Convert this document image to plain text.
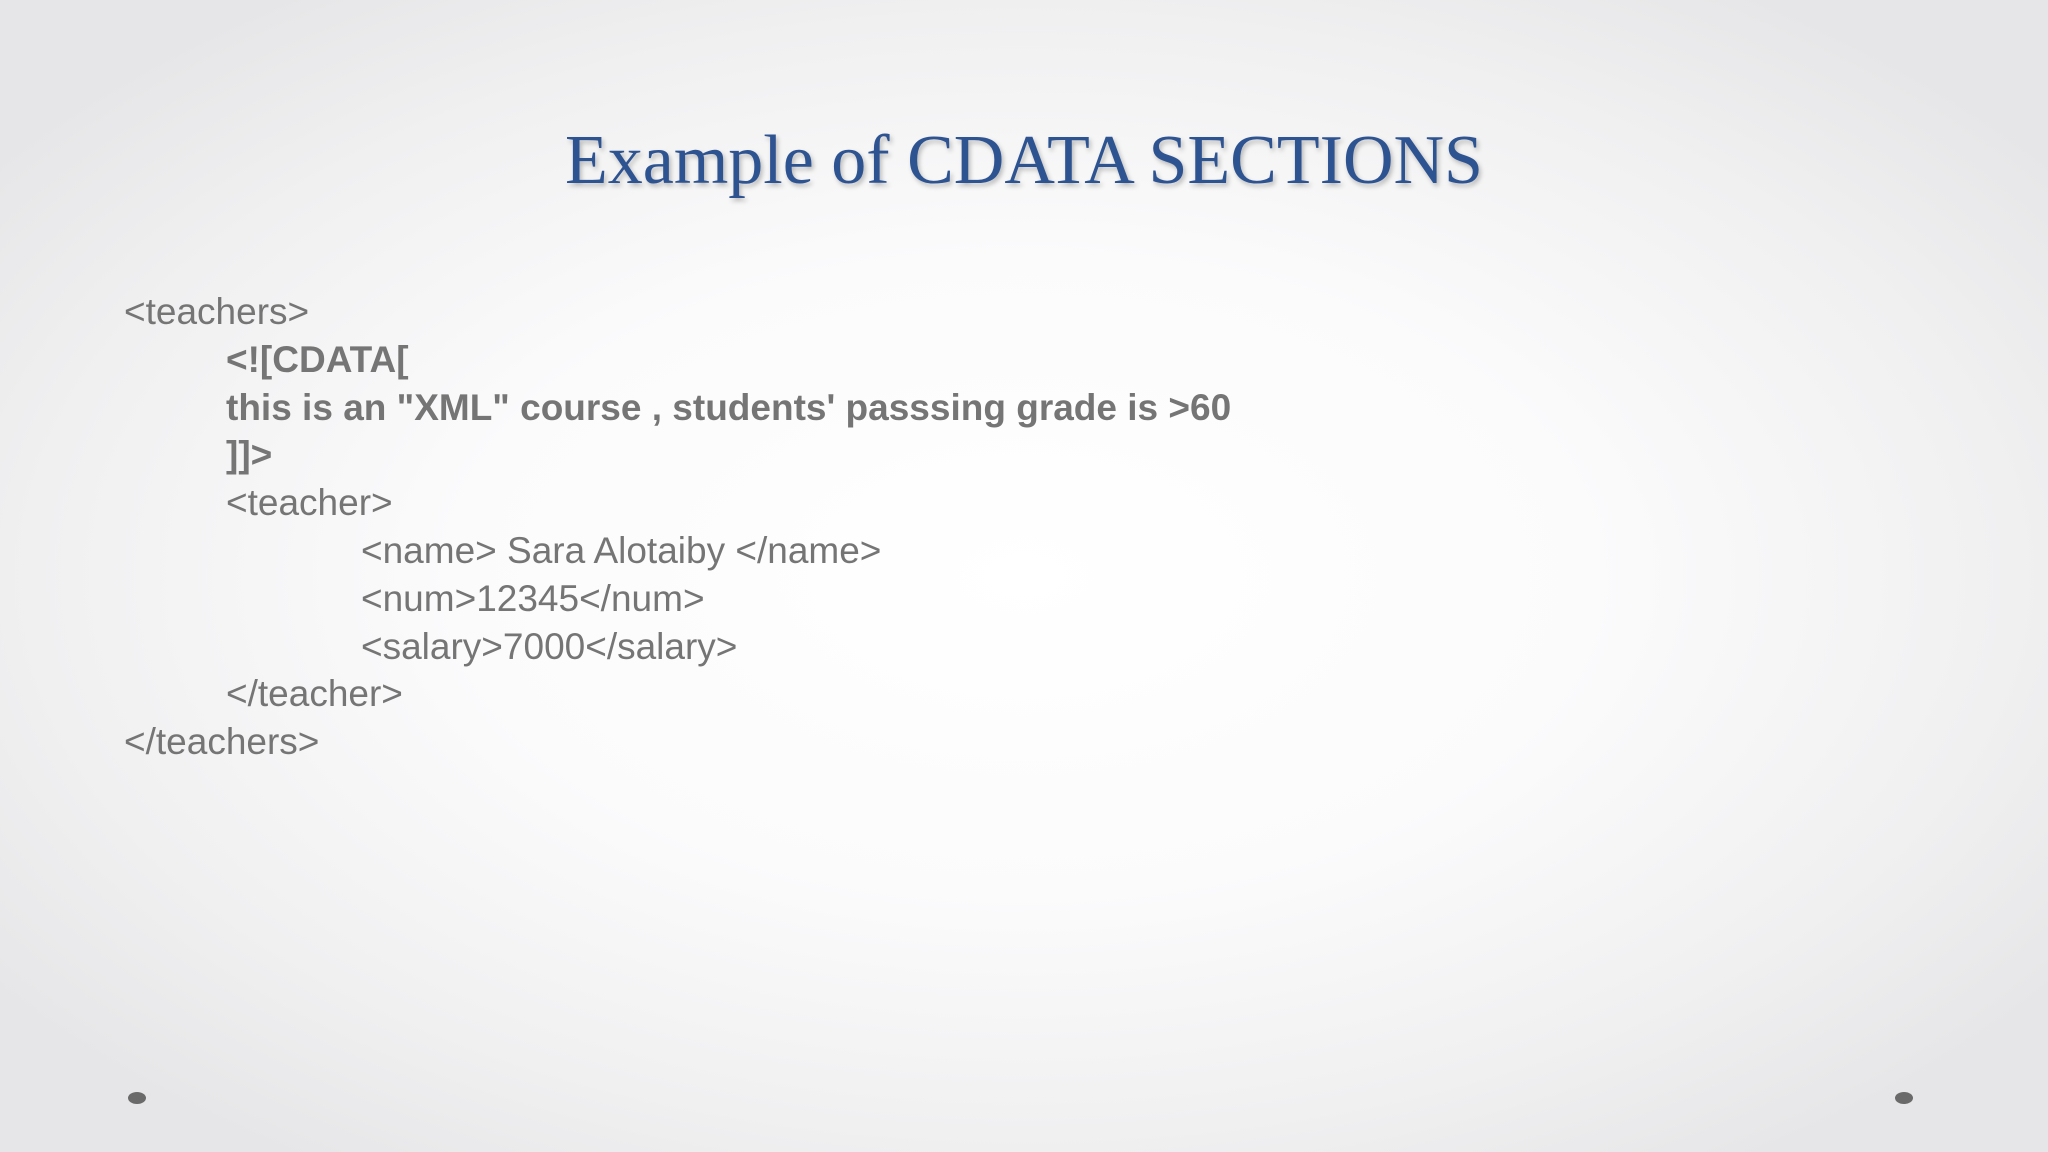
Example of CDATA SECTIONS
<teachers>
<![CDATA[
this is an "XML" course , students' passsing grade is >60
]]>
<teacher>
<name> Sara Alotaiby </name>
<num>12345</num>
<salary>7000</salary>
</teacher>
</teachers>
